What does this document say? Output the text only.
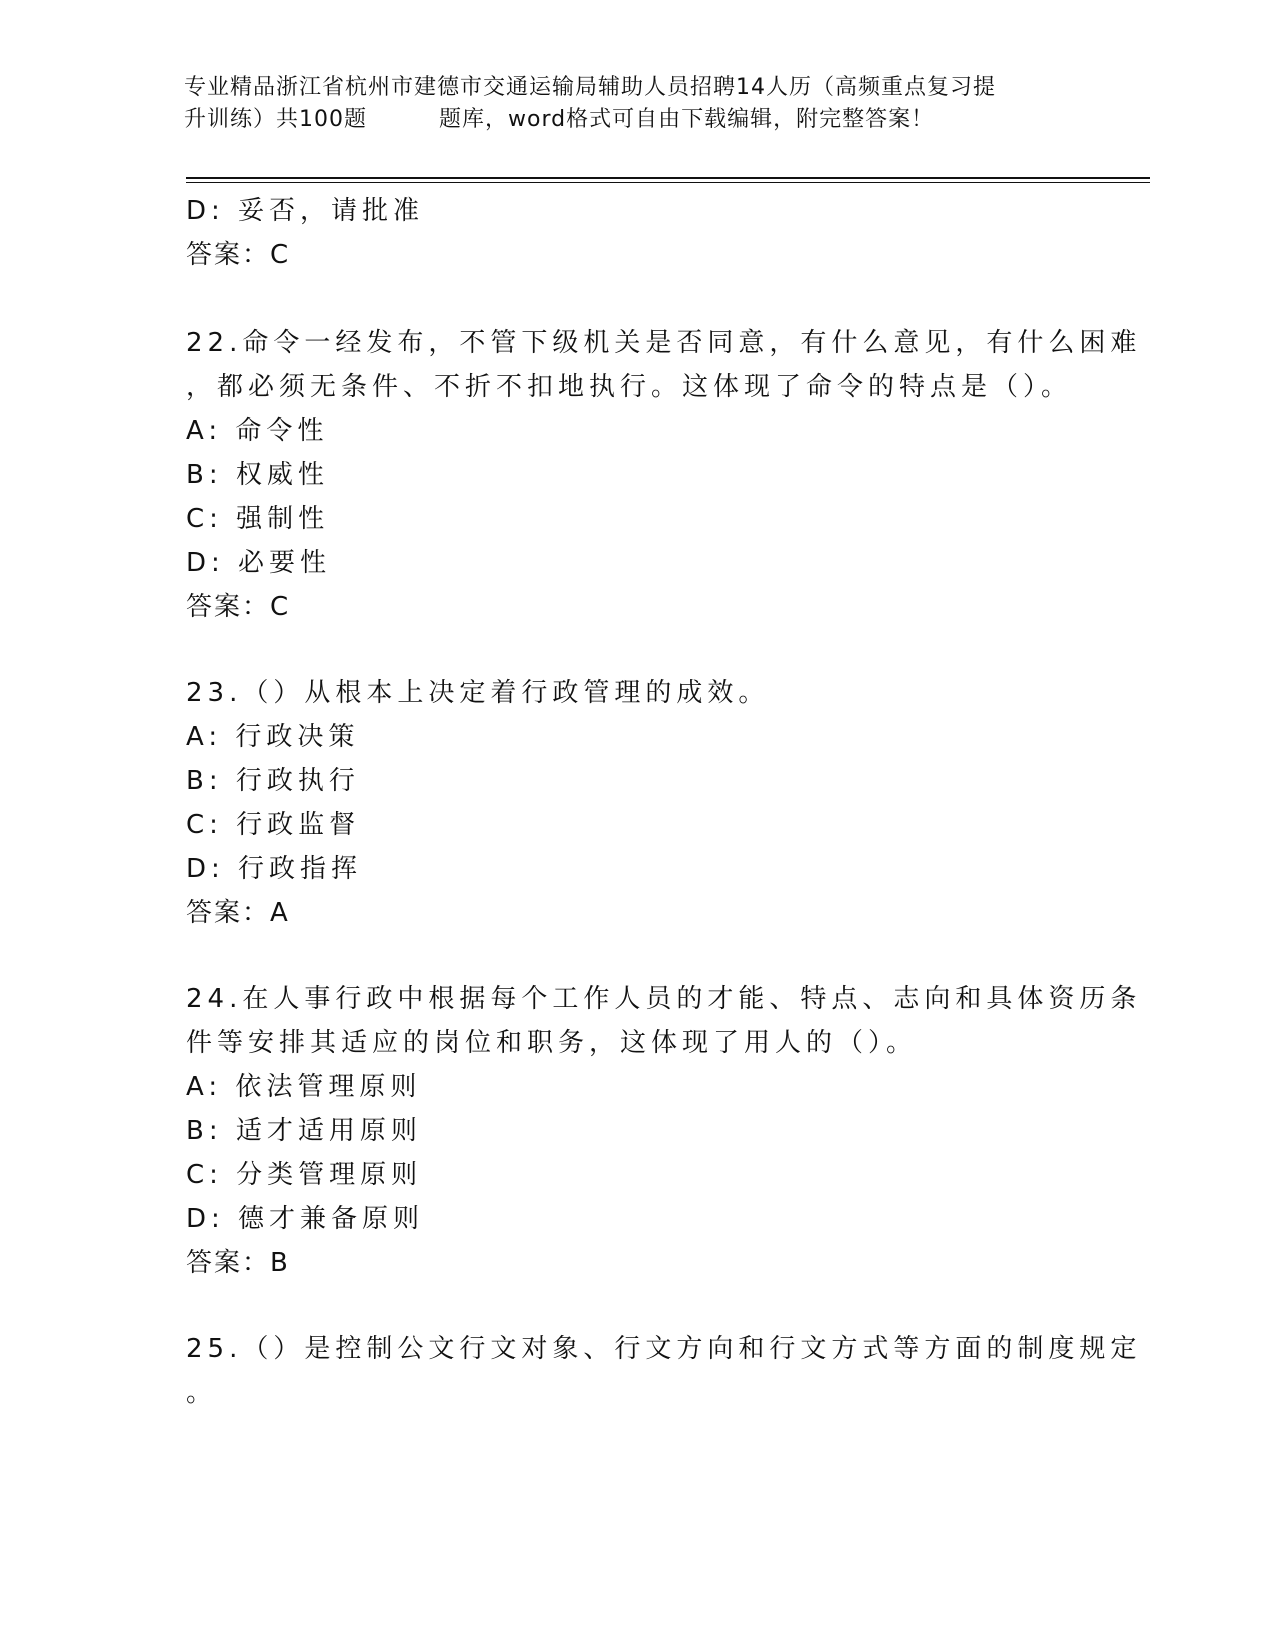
专业精品浙江省杭州市建德市交通运输局辅助人员招聘14人历（高频重点复习提
升训练）共100题	题库，word格式可自由下载编辑，附完整答案！
D: 妥否，请批准
答案：C
22.命令一经发布，不管下级机关是否同意，有什么意见，有什么困难
，都必须无条件、不折不扣地执行。这体现了命令的特点是（）。
A: 命令性
B: 权威性
C: 强制性
D: 必要性
答案：C
23.（）从根本上决定着行政管理的成效。
A: 行政决策
B: 行政执行
C: 行政监督
D: 行政指挥
答案：A
24.在人事行政中根据每个工作人员的才能、特点、志向和具体资历条
件等安排其适应的岗位和职务，这体现了用人的（）。
A: 依法管理原则
B: 适才适用原则
C: 分类管理原则
D: 德才兼备原则
答案：B
25.（）是控制公文行文对象、行文方向和行文方式等方面的制度规定
。
